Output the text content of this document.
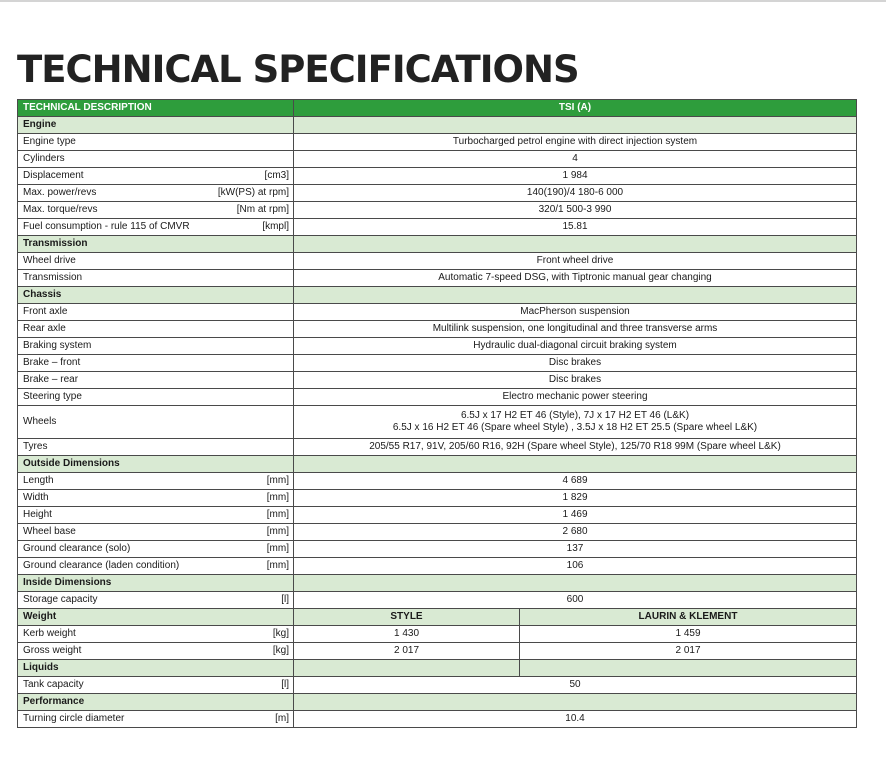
TECHNICAL SPECIFICATIONS
TECHNICAL DESCRIPTION	TSI (A)	
Engine		
Engine type	Turbocharged petrol engine with direct injection system	
Cylinders	4	
Displacement [cm3]	1 984	
Max. power/revs [kW(PS) at rpm]	140(190)/4 180-6 000	
Max. torque/revs [Nm at rpm]	320/1 500-3 990	
Fuel consumption - rule 115 of CMVR [kmpl]	15.81	
Transmission		
Wheel drive	Front wheel drive	
Transmission	Automatic 7-speed DSG, with Tiptronic manual gear changing	
Chassis		
Front axle	MacPherson suspension	
Rear axle	Multilink suspension, one longitudinal and three transverse arms	
Braking system	Hydraulic dual-diagonal circuit braking system	
Brake – front	Disc brakes	
Brake – rear	Disc brakes	
Steering type	Electro mechanic power steering	
Wheels	6.5J x 17 H2 ET 46 (Style), 7J x 17 H2 ET 46 (L&K)
6.5J x 16 H2 ET 46 (Spare wheel Style) , 3.5J x 18 H2 ET 25.5 (Spare wheel L&K)	

Tyres	205/55 R17, 91V, 205/60 R16, 92H (Spare wheel Style), 125/70 R18 99M (Spare wheel L&K)	
Outside Dimensions		
Length [mm]	4 689	
Width [mm]	1 829	
Height [mm]	1 469	
Wheel base [mm]	2 680	
Ground clearance (solo) [mm]	137	
Ground clearance (laden condition) [mm]	106	
Inside Dimensions		
Storage capacity [l]	600	
Weight	STYLE	LAURIN & KLEMENT
Kerb weight [kg]	1 430	1 459
Gross weight [kg]	2 017	2 017
Liquids		
Tank capacity [l]	50	
Performance		
Turning circle diameter [m]	10.4	
